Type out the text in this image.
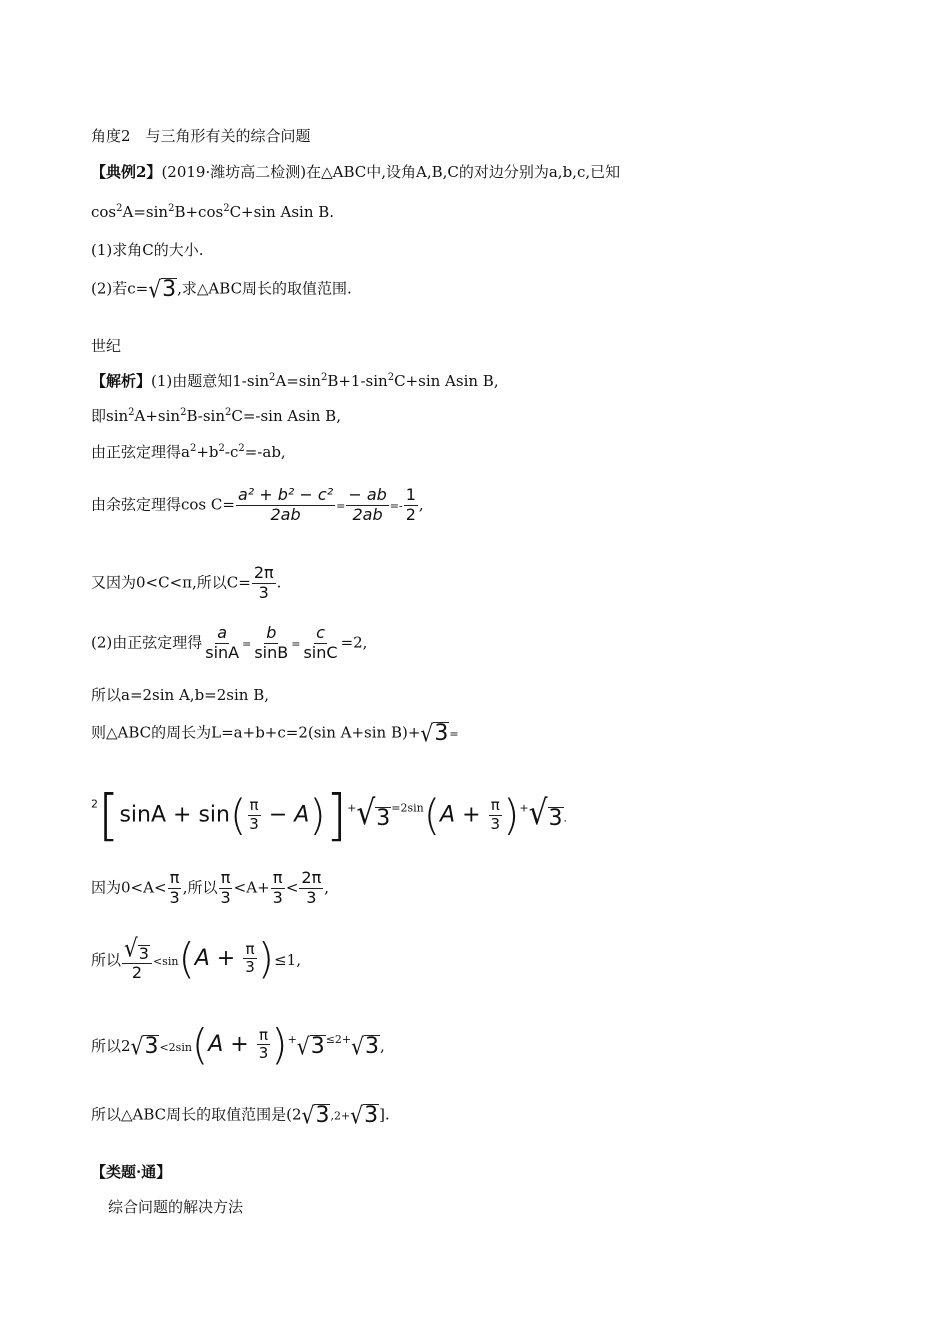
角度2　与三角形有关的综合问题
【典例2】(2019·潍坊高二检测)在△ABC中,设角A,B,C的对边分别为a,b,c,已知
$\cos^2A=\sin^2B+\cos^2C+\sin$ Asin B.
(1)求角C的大小.
(2)若c= √ 3 ,求△ABC周长的取值范围.
世纪
【解析】(1)由题意知$1-\sin^2A=\sin^2B+1-\sin^2C+\sin$ Asin B,
即$\sin^2A+\sin^2B-\sin^2C=-\sin$ Asin B,
由正弦定理得$a^2+b^2-c^2=-ab$,
由余弦定理得$\cos C= \frac{\text{a² + b² − c²}}{2ab} = \frac{- ab}{2ab} =- \frac{1}{2}$ ,
又因为0<C<π,所以$C= \frac{2\pi}{3}$ .
(2)由正弦定理得 $\frac{a}{\sin A} = \frac{b}{\sin B} = \frac{c}{\sin C} =2$,
所以a=2sin A,b=2sin B,
则△ABC的周长为L=a+b+c=2(sin A+sin B)+ √ 3 =
$^2[\sin A + \sin( \frac{\pi}{3} - A)]^+$ √ 3 $^{=2sin}(A + \frac{\pi}{3} )^+$ √ 3 .
因为$0<A< \frac{\pi}{3}$ ,所以 $\frac{\pi}{3} <A+ \frac{\pi}{3} < \frac{2\pi}{3}$ ,
所以 $\frac{√ 3}{2} <\sin(A + \frac{\pi}{3} )\le 1$,
所以2 √ $3 <2\sin(A + \frac{\pi}{3} )^+$ √ 3 $^{\le 2+}$ √ 3 ,
所以△ABC周长的取值范围是(2 √ 3 ,2+ √ 3 ].
【类题·通】
综合问题的解决方法
